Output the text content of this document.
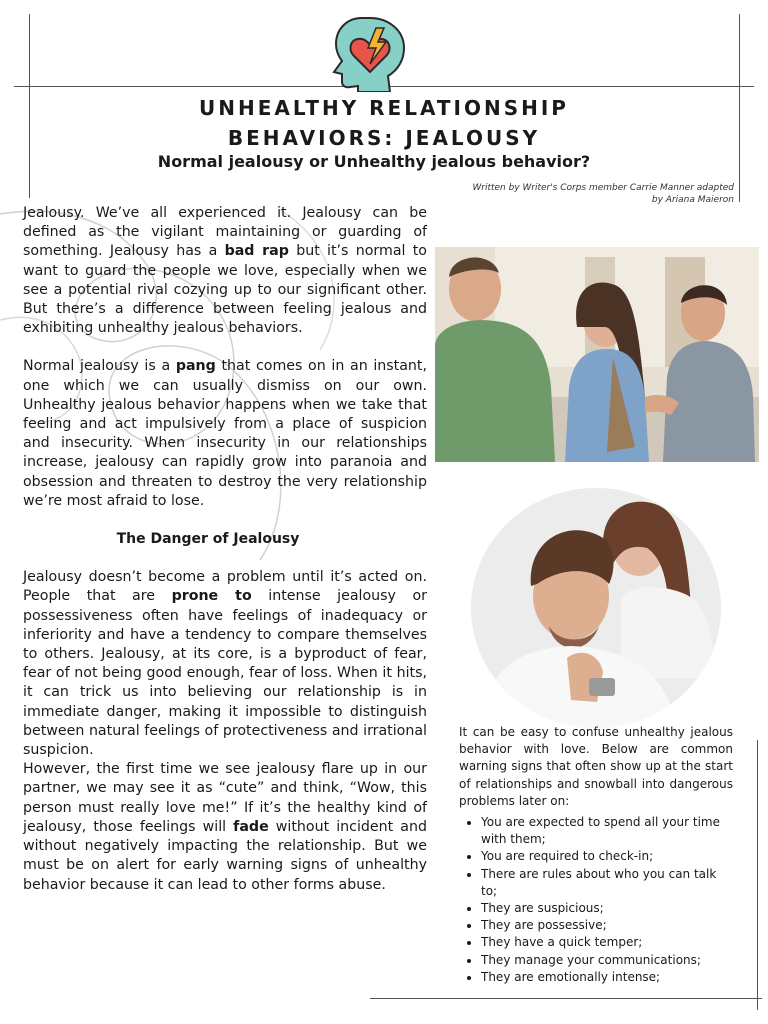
UNHEALTHY RELATIONSHIP
BEHAVIORS: JEALOUSY
Normal jealousy or Unhealthy jealous behavior?
Written by Writer's Corps member Carrie Manner adapted
by Ariana Maieron

Jealousy. We’ve all experienced it. Jealousy can be defined as the vigilant maintaining or guarding of something. Jealousy has a bad rap but it’s normal to want to guard the people we love, especially when we see a potential rival cozying up to our significant other. But there’s a difference between feeling jealous and exhibiting unhealthy jealous behaviors.

Normal jealousy is a pang that comes on in an instant, one which we can usually dismiss on our own. Unhealthy jealous behavior happens when we take that feeling and act impulsively from a place of suspicion and insecurity. When insecurity in our relationships increase, jealousy can rapidly grow into paranoia and obsession and threaten to destroy the very relationship we’re most afraid to lose.

The Danger of Jealousy

Jealousy doesn’t become a problem until it’s acted on. People that are prone to intense jealousy or possessiveness often have feelings of inadequacy or inferiority and have a tendency to compare themselves to others. Jealousy, at its core, is a byproduct of fear, fear of not being good enough, fear of loss. When it hits, it can trick us into believing our relationship is in immediate danger, making it impossible to distinguish between natural feelings of protectiveness and irrational suspicion.

However, the first time we see jealousy flare up in our partner, we may see it as “cute” and think, “Wow, this person must really love me!” If it’s the healthy kind of jealousy, those feelings will fade without incident and without negatively impacting the relationship. But we must be on alert for early warning signs of unhealthy behavior because it can lead to other forms abuse.

It can be easy to confuse unhealthy jealous behavior with love. Below are common warning signs that often show up at the start of relationships and snowball into dangerous problems later on:

• You are expected to spend all your time with them;
• You are required to check-in;
• There are rules about who you can talk to;
• They are suspicious;
• They are possessive;
• They have a quick temper;
• They manage your communications;
• They are emotionally intense;
